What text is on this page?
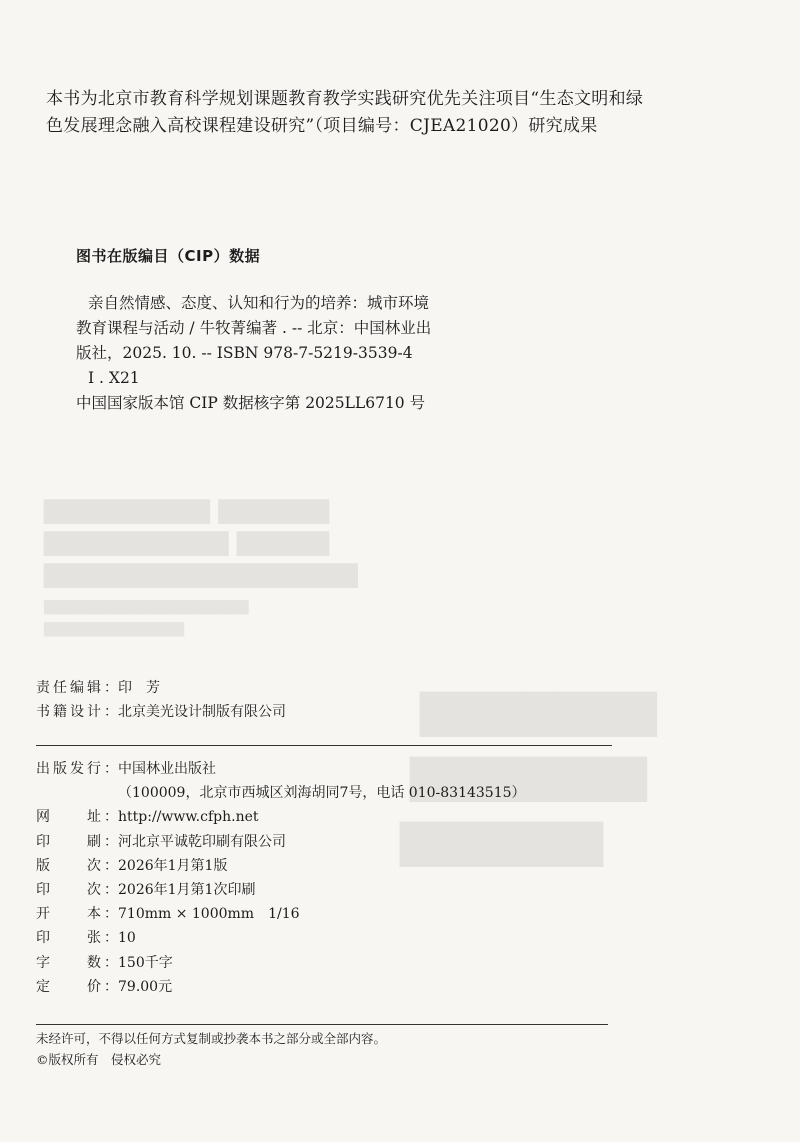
▇▇▇▇▇▇▇▇▇ ▇▇▇▇▇▇
▇▇▇▇▇▇▇▇▇▇ ▇▇▇▇▇
▇▇▇▇▇▇▇▇▇▇▇▇▇▇▇▇▇
▇▇▇▇▇▇▇▇▇▇▇▇▇▇▇▇▇▇▇
▇▇▇▇▇▇▇▇▇▇▇▇▇
▇▇▇▇▇▇▇
▇▇▇▇▇▇▇
▇▇▇▇▇▇

本书为北京市教育科学规划课题教育教学实践研究优先关注项目“生态文明和绿

色发展理念融入高校课程建设研究”（项目编号：CJEA21020）研究成果

图书在版编目（CIP）数据

亲自然情感、态度、认知和行为的培养：城市环境

教育课程与活动 / 牛牧菁编著 . -- 北京：中国林业出

版社，2025. 10. -- ISBN 978-7-5219-3539-4

Ⅰ . X21

中国国家版本馆 CIP 数据核字第 2025LL6710 号

责任编辑： 印　芳
书籍设计： 北京美光设计制版有限公司
出版发行： 中国林业出版社
（100009，北京市西城区刘海胡同7号，电话 010-83143515）
网　　址： http://www.cfph.net
印　　刷： 河北京平诚乾印刷有限公司
版　　次： 2026年1月第1版
印　　次： 2026年1月第1次印刷
开　　本： 710mm × 1000mm　1/16
印　　张： 10
字　　数： 150千字
定　　价： 79.00元

未经许可，不得以任何方式复制或抄袭本书之部分或全部内容。

©版权所有　侵权必究
